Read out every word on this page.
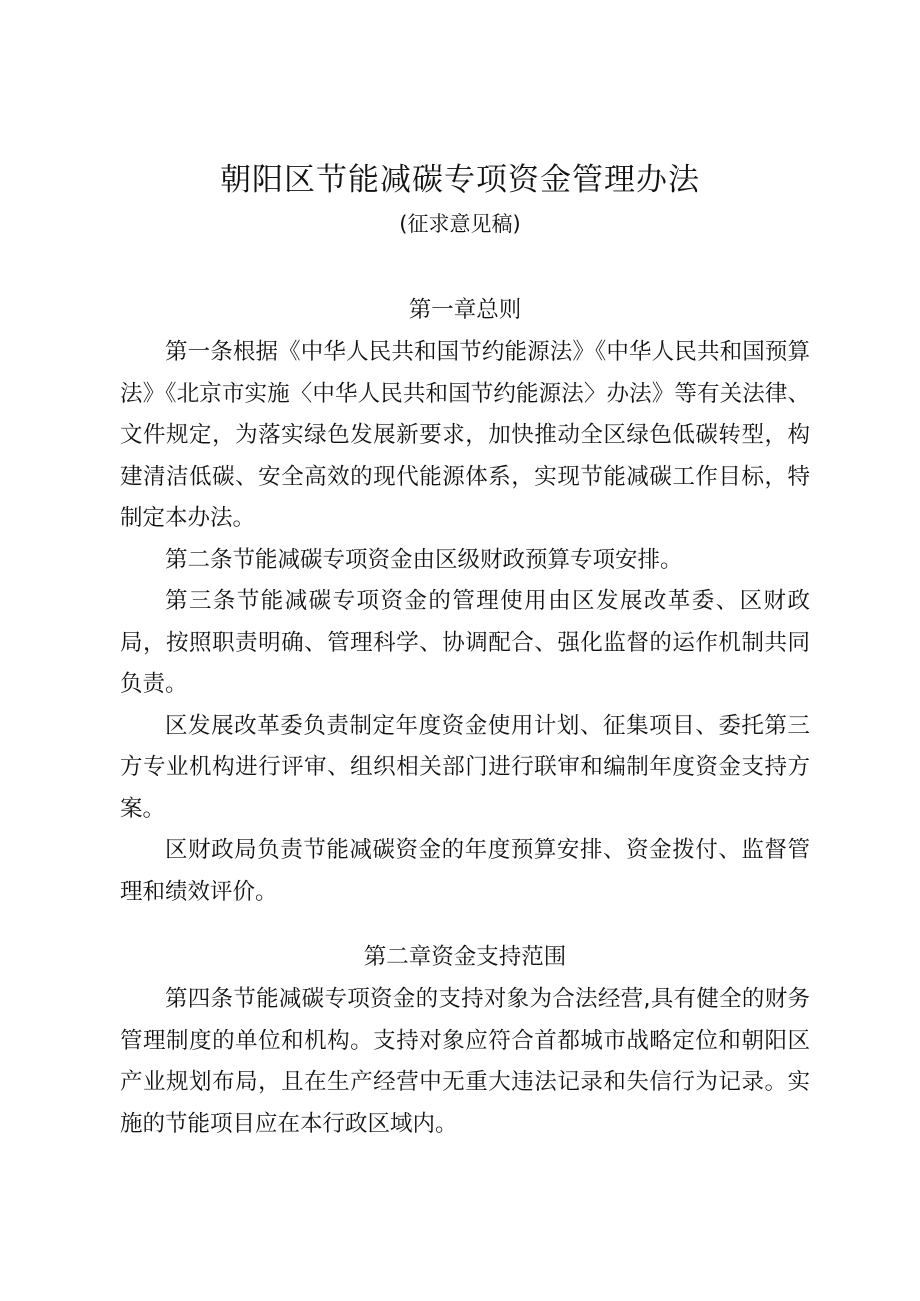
朝阳区节能减碳专项资金管理办法
(征求意见稿)
第一章总则
第一条根据《中华人民共和国节约能源法》《中华人民共和国预算法》《北京市实施〈中华人民共和国节约能源法〉办法》等有关法律、文件规定，为落实绿色发展新要求，加快推动全区绿色低碳转型，构建清洁低碳、安全高效的现代能源体系，实现节能减碳工作目标，特制定本办法。
第二条节能减碳专项资金由区级财政预算专项安排。
第三条节能减碳专项资金的管理使用由区发展改革委、区财政局，按照职责明确、管理科学、协调配合、强化监督的运作机制共同负责。
区发展改革委负责制定年度资金使用计划、征集项目、委托第三方专业机构进行评审、组织相关部门进行联审和编制年度资金支持方案。
区财政局负责节能减碳资金的年度预算安排、资金拨付、监督管理和绩效评价。
第二章资金支持范围
第四条节能减碳专项资金的支持对象为合法经营,具有健全的财务管理制度的单位和机构。支持对象应符合首都城市战略定位和朝阳区产业规划布局，且在生产经营中无重大违法记录和失信行为记录。实施的节能项目应在本行政区域内。
